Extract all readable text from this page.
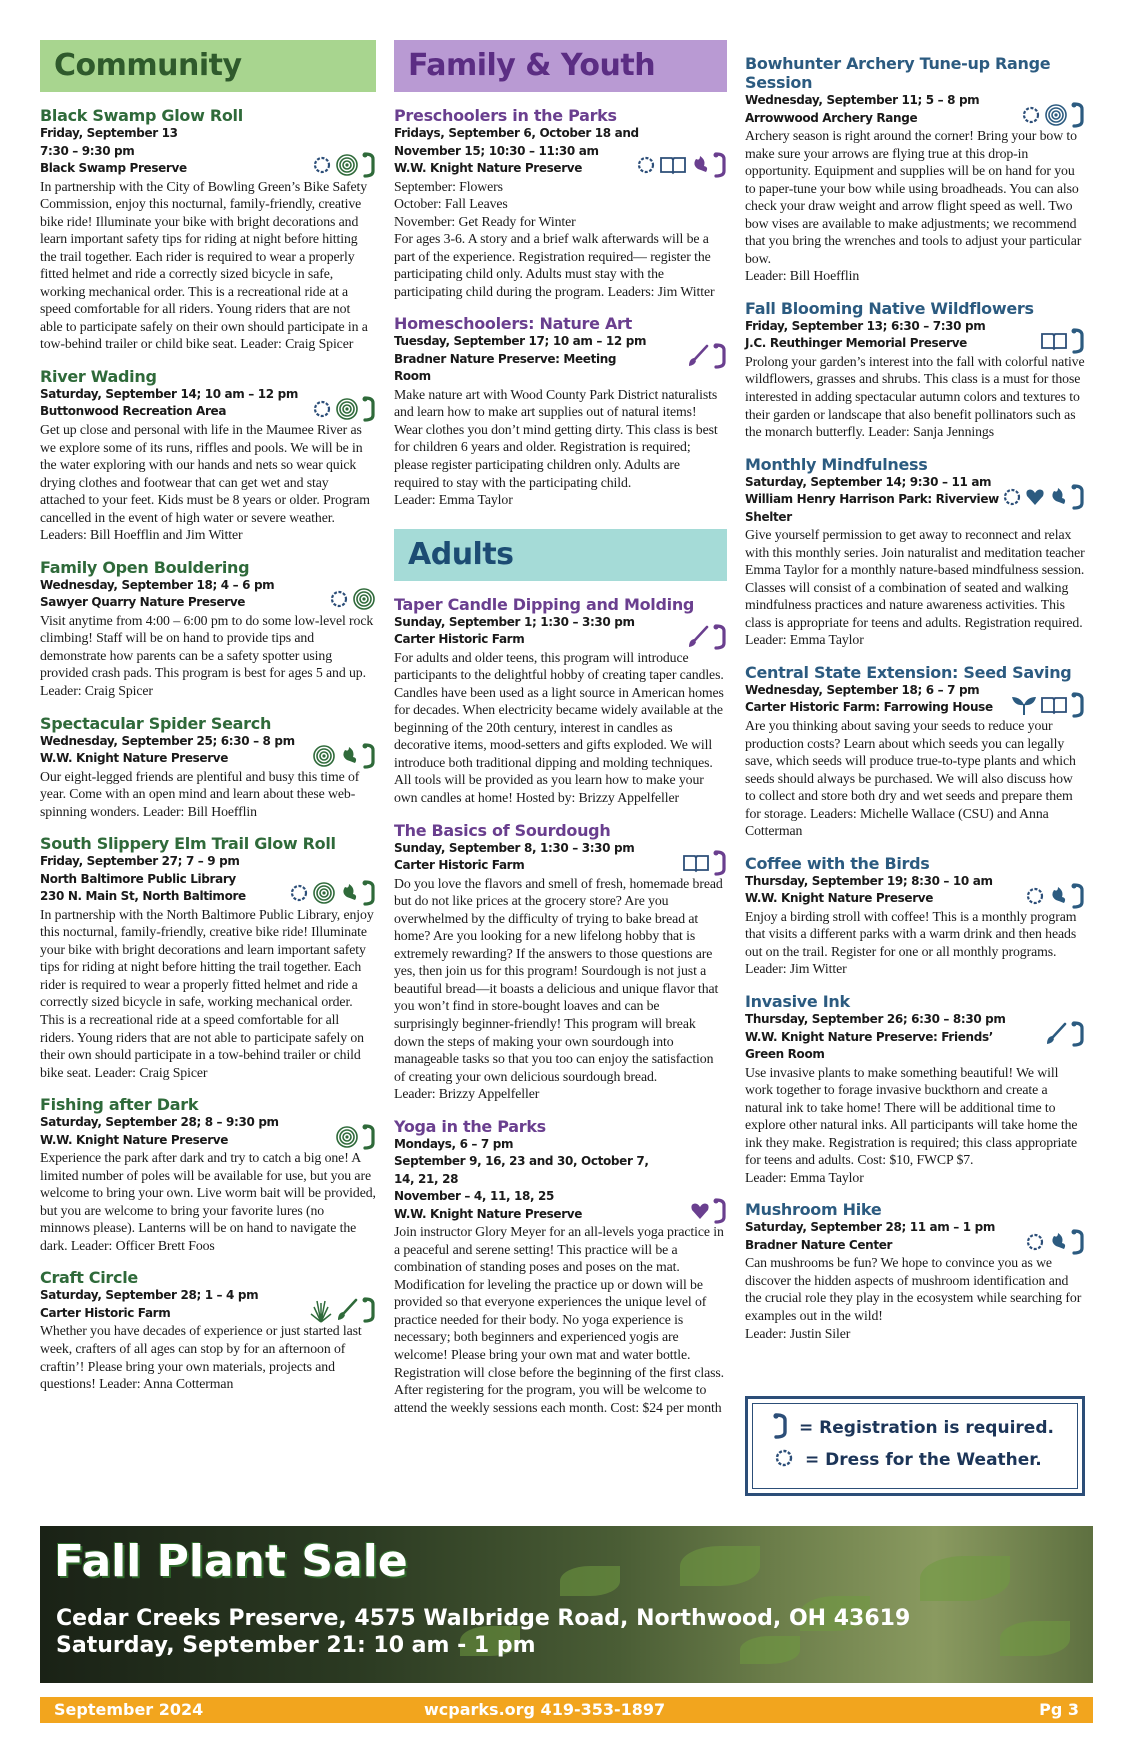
Community
Black Swamp Glow Roll
Friday, September 13
7:30 – 9:30 pm
Black Swamp Preserve
In partnership with the City of Bowling Green’s Bike Safety Commission, enjoy this nocturnal, family-friendly, creative bike ride! Illuminate your bike with bright decorations and learn important safety tips for riding at night before hitting the trail together. Each rider is required to wear a properly fitted helmet and ride a correctly sized bicycle in safe, working mechanical order. This is a recreational ride at a speed comfortable for all riders. Young riders that are not able to participate safely on their own should participate in a tow-behind trailer or child bike seat. Leader: Craig Spicer
River Wading
Saturday, September 14; 10 am – 12 pm
Buttonwood Recreation Area
Get up close and personal with life in the Maumee River as we explore some of its runs, riffles and pools. We will be in the water exploring with our hands and nets so wear quick drying clothes and footwear that can get wet and stay attached to your feet. Kids must be 8 years or older. Program cancelled in the event of high water or severe weather. Leaders: Bill Hoefflin and Jim Witter
Family Open Bouldering
Wednesday, September 18; 4 – 6 pm
Sawyer Quarry Nature Preserve
Visit anytime from 4:00 – 6:00 pm to do some low-level rock climbing! Staff will be on hand to provide tips and demonstrate how parents can be a safety spotter using provided crash pads. This program is best for ages 5 and up. Leader: Craig Spicer
Spectacular Spider Search
Wednesday, September 25; 6:30 – 8 pm
W.W. Knight Nature Preserve
Our eight-legged friends are plentiful and busy this time of year. Come with an open mind and learn about these web-spinning wonders. Leader: Bill Hoefflin
South Slippery Elm Trail Glow Roll
Friday, September 27; 7 – 9 pm
North Baltimore Public Library
230 N. Main St, North Baltimore
In partnership with the North Baltimore Public Library, enjoy this nocturnal, family-friendly, creative bike ride! Illuminate your bike with bright decorations and learn important safety tips for riding at night before hitting the trail together. Each rider is required to wear a properly fitted helmet and ride a correctly sized bicycle in safe, working mechanical order. This is a recreational ride at a speed comfortable for all riders. Young riders that are not able to participate safely on their own should participate in a tow-behind trailer or child bike seat. Leader: Craig Spicer
Fishing after Dark
Saturday, September 28; 8 – 9:30 pm
W.W. Knight Nature Preserve
Experience the park after dark and try to catch a big one! A limited number of poles will be available for use, but you are welcome to bring your own. Live worm bait will be provided, but you are welcome to bring your favorite lures (no minnows please). Lanterns will be on hand to navigate the dark. Leader: Officer Brett Foos
Craft Circle
Saturday, September 28; 1 – 4 pm
Carter Historic Farm
Whether you have decades of experience or just started last week, crafters of all ages can stop by for an afternoon of craftin’! Please bring your own materials, projects and questions! Leader: Anna Cotterman
Family & Youth
Preschoolers in the Parks
Fridays, September 6, October 18 and November 15; 10:30 – 11:30 am
W.W. Knight Nature Preserve
September: Flowers
October: Fall Leaves
November: Get Ready for Winter
For ages 3-6. A story and a brief walk afterwards will be a part of the experience. Registration required— register the participating child only. Adults must stay with the participating child during the program. Leaders: Jim Witter
Homeschoolers: Nature Art
Tuesday, September 17; 10 am – 12 pm
Bradner Nature Preserve: Meeting Room
Make nature art with Wood County Park District naturalists and learn how to make art supplies out of natural items! Wear clothes you don’t mind getting dirty. This class is best for children 6 years and older. Registration is required; please register participating children only. Adults are required to stay with the participating child.
Leader: Emma Taylor
Adults
Taper Candle Dipping and Molding
Sunday, September 1; 1:30 – 3:30 pm
Carter Historic Farm
For adults and older teens, this program will introduce participants to the delightful hobby of creating taper candles. Candles have been used as a light source in American homes for decades. When electricity became widely available at the beginning of the 20th century, interest in candles as decorative items, mood-setters and gifts exploded. We will introduce both traditional dipping and molding techniques. All tools will be provided as you learn how to make your own candles at home! Hosted by: Brizzy Appelfeller
The Basics of Sourdough
Sunday, September 8, 1:30 – 3:30 pm
Carter Historic Farm
Do you love the flavors and smell of fresh, homemade bread but do not like prices at the grocery store? Are you overwhelmed by the difficulty of trying to bake bread at home? Are you looking for a new lifelong hobby that is extremely rewarding? If the answers to those questions are yes, then join us for this program! Sourdough is not just a beautiful bread—it boasts a delicious and unique flavor that you won’t find in store-bought loaves and can be surprisingly beginner-friendly! This program will break down the steps of making your own sourdough into manageable tasks so that you too can enjoy the satisfaction of creating your own delicious sourdough bread.
Leader: Brizzy Appelfeller
Yoga in the Parks
Mondays, 6 – 7 pm
September 9, 16, 23 and 30, October 7, 14, 21, 28
November – 4, 11, 18, 25
W.W. Knight Nature Preserve
Join instructor Glory Meyer for an all-levels yoga practice in a peaceful and serene setting! This practice will be a combination of standing poses and poses on the mat. Modification for leveling the practice up or down will be provided so that everyone experiences the unique level of practice needed for their body. No yoga experience is necessary; both beginners and experienced yogis are welcome! Please bring your own mat and water bottle. Registration will close before the beginning of the first class. After registering for the program, you will be welcome to attend the weekly sessions each month. Cost: $24 per month
Bowhunter Archery Tune-up Range Session
Wednesday, September 11; 5 – 8 pm
Arrowwood Archery Range
Archery season is right around the corner! Bring your bow to make sure your arrows are flying true at this drop-in opportunity. Equipment and supplies will be on hand for you to paper-tune your bow while using broadheads. You can also check your draw weight and arrow flight speed as well. Two bow vises are available to make adjustments; we recommend that you bring the wrenches and tools to adjust your particular bow.
Leader: Bill Hoefflin
Fall Blooming Native Wildflowers
Friday, September 13; 6:30 – 7:30 pm
J.C. Reuthinger Memorial Preserve
Prolong your garden’s interest into the fall with colorful native wildflowers, grasses and shrubs. This class is a must for those interested in adding spectacular autumn colors and textures to their garden or landscape that also benefit pollinators such as the monarch butterfly. Leader: Sanja Jennings
Monthly Mindfulness
Saturday, September 14; 9:30 – 11 am
William Henry Harrison Park: Riverview Shelter
Give yourself permission to get away to reconnect and relax with this monthly series. Join naturalist and meditation teacher Emma Taylor for a monthly nature-based mindfulness session. Classes will consist of a combination of seated and walking mindfulness practices and nature awareness activities. This class is appropriate for teens and adults. Registration required. Leader: Emma Taylor
Central State Extension: Seed Saving
Wednesday, September 18; 6 – 7 pm
Carter Historic Farm: Farrowing House
Are you thinking about saving your seeds to reduce your production costs? Learn about which seeds you can legally save, which seeds will produce true-to-type plants and which seeds should always be purchased. We will also discuss how to collect and store both dry and wet seeds and prepare them for storage. Leaders: Michelle Wallace (CSU) and Anna Cotterman
Coffee with the Birds
Thursday, September 19; 8:30 – 10 am
W.W. Knight Nature Preserve
Enjoy a birding stroll with coffee! This is a monthly program that visits a different parks with a warm drink and then heads out on the trail. Register for one or all monthly programs. Leader: Jim Witter
Invasive Ink
Thursday, September 26; 6:30 – 8:30 pm
W.W. Knight Nature Preserve: Friends’ Green Room
Use invasive plants to make something beautiful! We will work together to forage invasive buckthorn and create a natural ink to take home! There will be additional time to explore other natural inks. All participants will take home the ink they make. Registration is required; this class appropriate for teens and adults. Cost: $10, FWCP $7.
Leader: Emma Taylor
Mushroom Hike
Saturday, September 28; 11 am – 1 pm
Bradner Nature Center
Can mushrooms be fun? We hope to convince you as we discover the hidden aspects of mushroom identification and the crucial role they play in the ecosystem while searching for examples out in the wild!
Leader: Justin Siler
= Registration is required.
= Dress for the Weather.
Fall Plant Sale
Cedar Creeks Preserve, 4575 Walbridge Road, Northwood, OH 43619
Saturday, September 21: 10 am - 1 pm
September 2024	wcparks.org 419-353-1897	Pg 3
